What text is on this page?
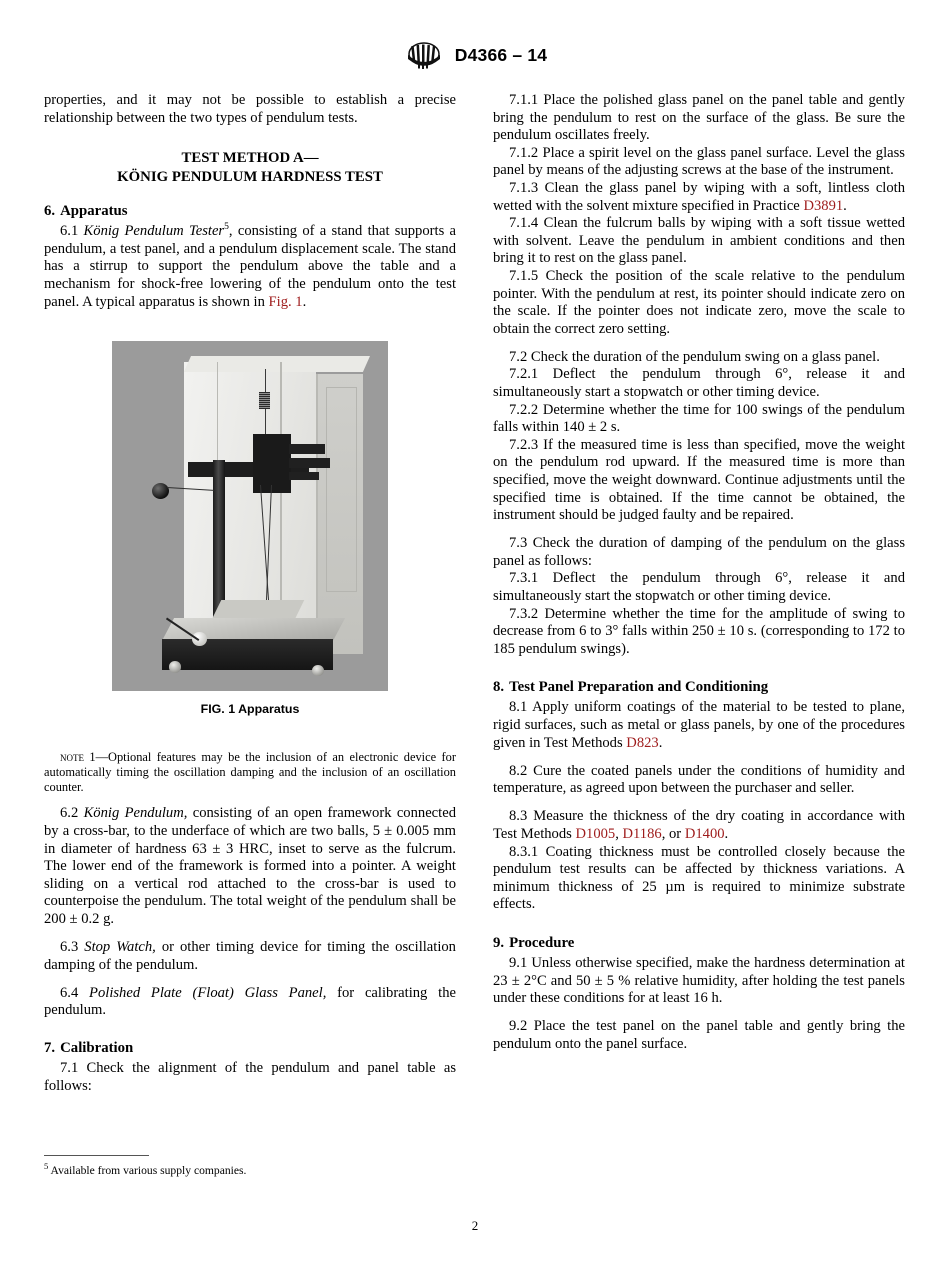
D4366 – 14

properties, and it may not be possible to establish a precise relationship between the two types of pendulum tests.

TEST METHOD A—
KÖNIG PENDULUM HARDNESS TEST
6. Apparatus

6.1 König Pendulum Tester$^5$, consisting of a stand that supports a pendulum, a test panel, and a pendulum displacement scale. The stand has a stirrup to support the pendulum above the table and a mechanism for shock-free lowering of the pendulum onto the test panel. A typical apparatus is shown in Fig. 1.

FIG. 1 Apparatus

note 1—Optional features may be the inclusion of an electronic device for automatically timing the oscillation damping and the inclusion of an oscillation counter.

6.2 König Pendulum, consisting of an open framework connected by a cross-bar, to the underface of which are two balls, 5 ± 0.005 mm in diameter of hardness 63 ± 3 HRC, inset to serve as the fulcrum. The lower end of the framework is formed into a pointer. A weight sliding on a vertical rod attached to the cross-bar is used to counterpoise the pendulum. The total weight of the pendulum shall be 200 ± 0.2 g.

6.3 Stop Watch, or other timing device for timing the oscillation damping of the pendulum.

6.4 Polished Plate (Float) Glass Panel, for calibrating the pendulum.

7. Calibration

7.1 Check the alignment of the pendulum and panel table as follows:

7.1.1 Place the polished glass panel on the panel table and gently bring the pendulum to rest on the surface of the glass. Be sure the pendulum oscillates freely.

7.1.2 Place a spirit level on the glass panel surface. Level the glass panel by means of the adjusting screws at the base of the instrument.

7.1.3 Clean the glass panel by wiping with a soft, lintless cloth wetted with the solvent mixture specified in Practice D3891.

7.1.4 Clean the fulcrum balls by wiping with a soft tissue wetted with solvent. Leave the pendulum in ambient conditions and then bring it to rest on the glass panel.

7.1.5 Check the position of the scale relative to the pendulum pointer. With the pendulum at rest, its pointer should indicate zero on the scale. If the pointer does not indicate zero, move the scale to obtain the correct zero setting.

7.2 Check the duration of the pendulum swing on a glass panel.

7.2.1 Deflect the pendulum through 6°, release it and simultaneously start a stopwatch or other timing device.

7.2.2 Determine whether the time for 100 swings of the pendulum falls within 140 ± 2 s.

7.2.3 If the measured time is less than specified, move the weight on the pendulum rod upward. If the measured time is more than specified, move the weight downward. Continue adjustments until the specified time is obtained. If the time cannot be obtained, the instrument should be judged faulty and be repaired.

7.3 Check the duration of damping of the pendulum on the glass panel as follows:

7.3.1 Deflect the pendulum through 6°, release it and simultaneously start the stopwatch or other timing device.

7.3.2 Determine whether the time for the amplitude of swing to decrease from 6 to 3° falls within 250 ± 10 s. (corresponding to 172 to 185 pendulum swings).

8. Test Panel Preparation and Conditioning

8.1 Apply uniform coatings of the material to be tested to plane, rigid surfaces, such as metal or glass panels, by one of the procedures given in Test Methods D823.

8.2 Cure the coated panels under the conditions of humidity and temperature, as agreed upon between the purchaser and seller.

8.3 Measure the thickness of the dry coating in accordance with Test Methods D1005, D1186, or D1400.

8.3.1 Coating thickness must be controlled closely because the pendulum test results can be affected by thickness variations. A minimum thickness of 25 µm is required to minimize substrate effects.

9. Procedure

9.1 Unless otherwise specified, make the hardness determination at 23 ± 2°C and 50 ± 5 % relative humidity, after holding the test panels under these conditions for at least 16 h.

9.2 Place the test panel on the panel table and gently bring the pendulum onto the panel surface.

$^5$ Available from various supply companies.
2
